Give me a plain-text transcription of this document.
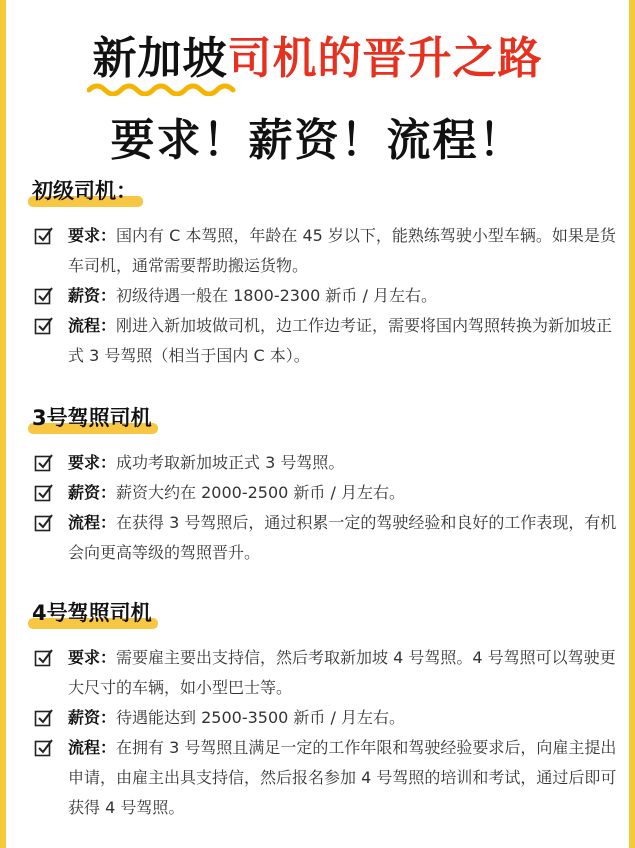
新加坡
司机的晋升之路
要求！薪资！流程！
初级司机：
要求：国内有 C 本驾照，年龄在 45 岁以下，能熟练驾驶小型车辆。如果是货车司机，通常需要帮助搬运货物。
薪资：初级待遇一般在 1800-2300 新币 / 月左右。
流程：刚进入新加坡做司机，边工作边考证，需要将国内驾照转换为新加坡正式 3 号驾照（相当于国内 C 本）。
3号驾照司机
要求：成功考取新加坡正式 3 号驾照。
薪资：薪资大约在 2000-2500 新币 / 月左右。
流程：在获得 3 号驾照后，通过积累一定的驾驶经验和良好的工作表现，有机会向更高等级的驾照晋升。
4号驾照司机
要求：需要雇主要出支持信，然后考取新加坡 4 号驾照。4 号驾照可以驾驶更大尺寸的车辆，如小型巴士等。
薪资：待遇能达到 2500-3500 新币 / 月左右。
流程：在拥有 3 号驾照且满足一定的工作年限和驾驶经验要求后，向雇主提出申请，由雇主出具支持信，然后报名参加 4 号驾照的培训和考试，通过后即可获得 4 号驾照。
